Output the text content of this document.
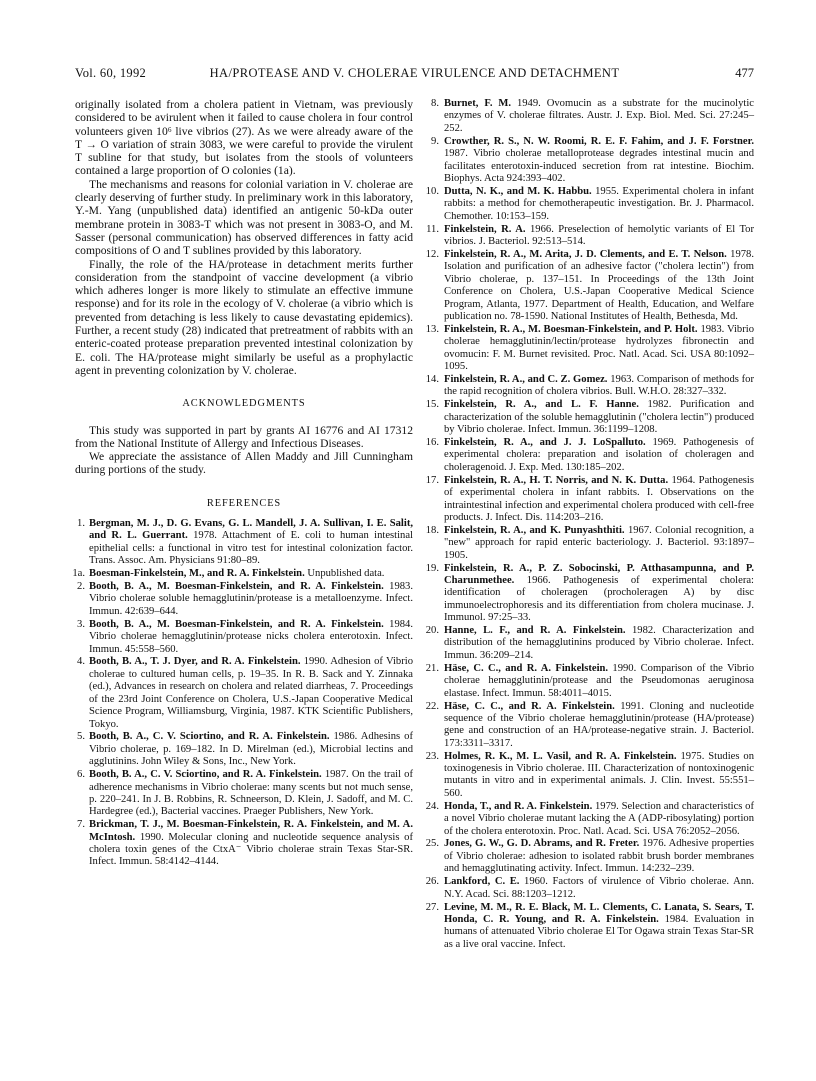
Vol. 60, 1992	HA/PROTEASE AND V. CHOLERAE VIRULENCE AND DETACHMENT	477

originally isolated from a cholera patient in Vietnam, was previously considered to be avirulent when it failed to cause cholera in four control volunteers given 10⁶ live vibrios (27). As we were already aware of the T → O variation of strain 3083, we were careful to provide the virulent T subline for that study, but isolates from the stools of volunteers contained a large proportion of O colonies (1a).

The mechanisms and reasons for colonial variation in V. cholerae are clearly deserving of further study. In preliminary work in this laboratory, Y.-M. Yang (unpublished data) identified an antigenic 50-kDa outer membrane protein in 3083-T which was not present in 3083-O, and M. Sasser (personal communication) has observed differences in fatty acid compositions of O and T sublines provided by this laboratory.

Finally, the role of the HA/protease in detachment merits further consideration from the standpoint of vaccine development (a vibrio which adheres longer is more likely to stimulate an effective immune response) and for its role in the ecology of V. cholerae (a vibrio which is prevented from detaching is less likely to cause devastating epidemics). Further, a recent study (28) indicated that pretreatment of rabbits with an enteric-coated protease preparation prevented intestinal colonization by E. coli. The HA/protease might similarly be useful as a prophylactic agent in preventing colonization by V. cholerae.

ACKNOWLEDGMENTS

This study was supported in part by grants AI 16776 and AI 17312 from the National Institute of Allergy and Infectious Diseases.

We appreciate the assistance of Allen Maddy and Jill Cunningham during portions of the study.

REFERENCES
1. Bergman, M. J., D. G. Evans, G. L. Mandell, J. A. Sullivan, I. E. Salit, and R. L. Guerrant. 1978. Attachment of E. coli to human intestinal epithelial cells: a functional in vitro test for intestinal colonization factor. Trans. Assoc. Am. Physicians 91:80–89.
1a. Boesman-Finkelstein, M., and R. A. Finkelstein. Unpublished data.
2. Booth, B. A., M. Boesman-Finkelstein, and R. A. Finkelstein. 1983. Vibrio cholerae soluble hemagglutinin/protease is a metalloenzyme. Infect. Immun. 42:639–644.
3. Booth, B. A., M. Boesman-Finkelstein, and R. A. Finkelstein. 1984. Vibrio cholerae hemagglutinin/protease nicks cholera enterotoxin. Infect. Immun. 45:558–560.
4. Booth, B. A., T. J. Dyer, and R. A. Finkelstein. 1990. Adhesion of Vibrio cholerae to cultured human cells, p. 19–35. In R. B. Sack and Y. Zinnaka (ed.), Advances in research on cholera and related diarrheas, 7. Proceedings of the 23rd Joint Conference on Cholera, U.S.-Japan Cooperative Medical Science Program, Williamsburg, Virginia, 1987. KTK Scientific Publishers, Tokyo.
5. Booth, B. A., C. V. Sciortino, and R. A. Finkelstein. 1986. Adhesins of Vibrio cholerae, p. 169–182. In D. Mirelman (ed.), Microbial lectins and agglutinins. John Wiley & Sons, Inc., New York.
6. Booth, B. A., C. V. Sciortino, and R. A. Finkelstein. 1987. On the trail of adherence mechanisms in Vibrio cholerae: many scents but not much sense, p. 220–241. In J. B. Robbins, R. Schneerson, D. Klein, J. Sadoff, and M. C. Hardegree (ed.), Bacterial vaccines. Praeger Publishers, New York.
7. Brickman, T. J., M. Boesman-Finkelstein, R. A. Finkelstein, and M. A. McIntosh. 1990. Molecular cloning and nucleotide sequence analysis of cholera toxin genes of the CtxA⁻ Vibrio cholerae strain Texas Star-SR. Infect. Immun. 58:4142–4144.
8. Burnet, F. M. 1949. Ovomucin as a substrate for the mucinolytic enzymes of V. cholerae filtrates. Austr. J. Exp. Biol. Med. Sci. 27:245–252.
9. Crowther, R. S., N. W. Roomi, R. E. F. Fahim, and J. F. Forstner. 1987. Vibrio cholerae metalloprotease degrades intestinal mucin and facilitates enterotoxin-induced secretion from rat intestine. Biochim. Biophys. Acta 924:393–402.
10. Dutta, N. K., and M. K. Habbu. 1955. Experimental cholera in infant rabbits: a method for chemotherapeutic investigation. Br. J. Pharmacol. Chemother. 10:153–159.
11. Finkelstein, R. A. 1966. Preselection of hemolytic variants of El Tor vibrios. J. Bacteriol. 92:513–514.
12. Finkelstein, R. A., M. Arita, J. D. Clements, and E. T. Nelson. 1978. Isolation and purification of an adhesive factor ("cholera lectin") from Vibrio cholerae, p. 137–151. In Proceedings of the 13th Joint Conference on Cholera, U.S.-Japan Cooperative Medical Science Program, Atlanta, 1977. Department of Health, Education, and Welfare publication no. 78-1590. National Institutes of Health, Bethesda, Md.
13. Finkelstein, R. A., M. Boesman-Finkelstein, and P. Holt. 1983. Vibrio cholerae hemagglutinin/lectin/protease hydrolyzes fibronectin and ovomucin: F. M. Burnet revisited. Proc. Natl. Acad. Sci. USA 80:1092–1095.
14. Finkelstein, R. A., and C. Z. Gomez. 1963. Comparison of methods for the rapid recognition of cholera vibrios. Bull. W.H.O. 28:327–332.
15. Finkelstein, R. A., and L. F. Hanne. 1982. Purification and characterization of the soluble hemagglutinin ("cholera lectin") produced by Vibrio cholerae. Infect. Immun. 36:1199–1208.
16. Finkelstein, R. A., and J. J. LoSpalluto. 1969. Pathogenesis of experimental cholera: preparation and isolation of choleragen and choleragenoid. J. Exp. Med. 130:185–202.
17. Finkelstein, R. A., H. T. Norris, and N. K. Dutta. 1964. Pathogenesis of experimental cholera in infant rabbits. I. Observations on the intraintestinal infection and experimental cholera produced with cell-free products. J. Infect. Dis. 114:203–216.
18. Finkelstein, R. A., and K. Punyashthiti. 1967. Colonial recognition, a "new" approach for rapid enteric bacteriology. J. Bacteriol. 93:1897–1905.
19. Finkelstein, R. A., P. Z. Sobocinski, P. Atthasampunna, and P. Charunmethee. 1966. Pathogenesis of experimental cholera: identification of choleragen (procholeragen A) by disc immunoelectrophoresis and its differentiation from cholera mucinase. J. Immunol. 97:25–33.
20. Hanne, L. F., and R. A. Finkelstein. 1982. Characterization and distribution of the hemagglutinins produced by Vibrio cholerae. Infect. Immun. 36:209–214.
21. Häse, C. C., and R. A. Finkelstein. 1990. Comparison of the Vibrio cholerae hemagglutinin/protease and the Pseudomonas aeruginosa elastase. Infect. Immun. 58:4011–4015.
22. Häse, C. C., and R. A. Finkelstein. 1991. Cloning and nucleotide sequence of the Vibrio cholerae hemagglutinin/protease (HA/protease) gene and construction of an HA/protease-negative strain. J. Bacteriol. 173:3311–3317.
23. Holmes, R. K., M. L. Vasil, and R. A. Finkelstein. 1975. Studies on toxinogenesis in Vibrio cholerae. III. Characterization of nontoxinogenic mutants in vitro and in experimental animals. J. Clin. Invest. 55:551–560.
24. Honda, T., and R. A. Finkelstein. 1979. Selection and characteristics of a novel Vibrio cholerae mutant lacking the A (ADP-ribosylating) portion of the cholera enterotoxin. Proc. Natl. Acad. Sci. USA 76:2052–2056.
25. Jones, G. W., G. D. Abrams, and R. Freter. 1976. Adhesive properties of Vibrio cholerae: adhesion to isolated rabbit brush border membranes and hemagglutinating activity. Infect. Immun. 14:232–239.
26. Lankford, C. E. 1960. Factors of virulence of Vibrio cholerae. Ann. N.Y. Acad. Sci. 88:1203–1212.
27. Levine, M. M., R. E. Black, M. L. Clements, C. Lanata, S. Sears, T. Honda, C. R. Young, and R. A. Finkelstein. 1984. Evaluation in humans of attenuated Vibrio cholerae El Tor Ogawa strain Texas Star-SR as a live oral vaccine. Infect.
